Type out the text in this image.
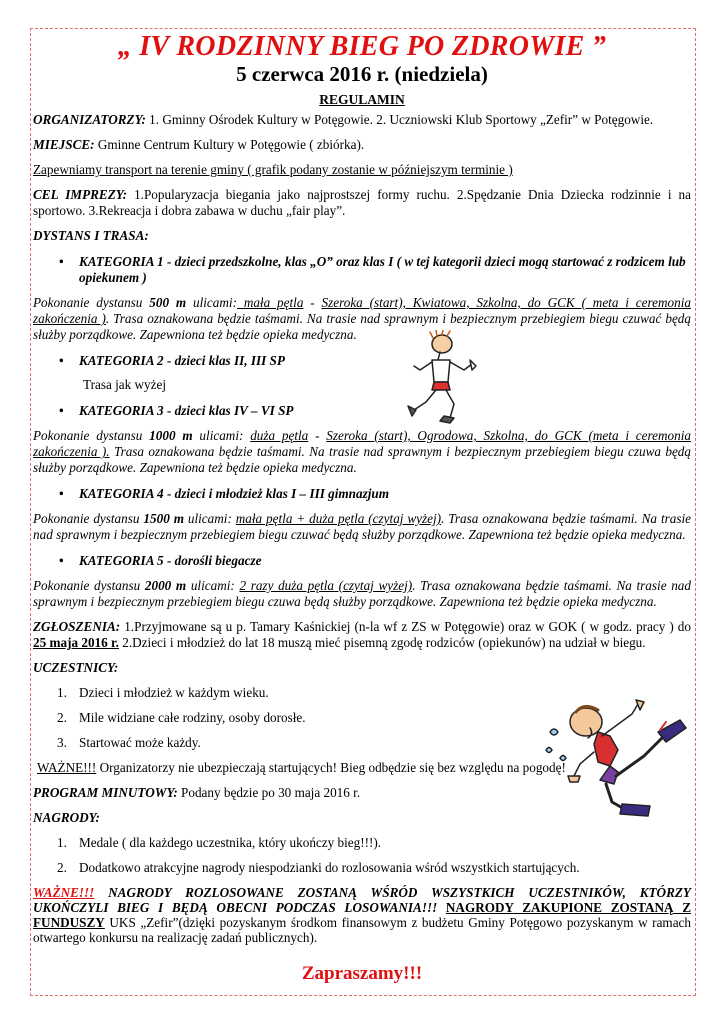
„ IV RODZINNY BIEG PO ZDROWIE ”
5 czerwca 2016 r. (niedziela)
REGULAMIN

ORGANIZATORZY: 1. Gminny Ośrodek Kultury w Potęgowie. 2. Uczniowski Klub Sportowy „Zefir” w Potęgowie.

MIEJSCE: Gminne Centrum Kultury w Potęgowie ( zbiórka).

Zapewniamy transport na terenie gminy ( grafik podany zostanie w późniejszym terminie )

CEL IMPREZY: 1.Popularyzacja biegania jako najprostszej formy ruchu. 2.Spędzanie Dnia Dziecka rodzinnie i na sportowo. 3.Rekreacja i dobra zabawa w duchu „fair play”.

DYSTANS I TRASA:

• KATEGORIA 1 - dzieci przedszkolne, klas „O” oraz klas I ( w tej kategorii dzieci mogą startować z rodzicem lub opiekunem )

Pokonanie dystansu 500 m ulicami: mała pętla - Szeroka (start), Kwiatowa, Szkolna, do GCK ( meta i ceremonia zakończenia ). Trasa oznakowana będzie taśmami. Na trasie nad sprawnym i bezpiecznym przebiegiem biegu czuwać będą służby porządkowe. Zapewniona też będzie opieka medyczna.

• KATEGORIA 2 - dzieci klas II, III SP

Trasa jak wyżej

• KATEGORIA 3 - dzieci klas IV – VI SP

Pokonanie dystansu 1000 m ulicami: duża pętla - Szeroka (start), Ogrodowa, Szkolna, do GCK (meta i ceremonia zakończenia ). Trasa oznakowana będzie taśmami. Na trasie nad sprawnym i bezpiecznym przebiegiem biegu czuwa będą służby porządkowe. Zapewniona też będzie opieka medyczna.

• KATEGORIA 4 - dzieci i młodzież klas I – III gimnazjum

Pokonanie dystansu 1500 m ulicami: mała pętla + duża pętla (czytaj wyżej). Trasa oznakowana będzie taśmami. Na trasie nad sprawnym i bezpiecznym przebiegiem biegu czuwać będą służby porządkowe. Zapewniona też będzie opieka medyczna.

• KATEGORIA 5 - dorośli biegacze

Pokonanie dystansu 2000 m ulicami: 2 razy duża pętla (czytaj wyżej). Trasa oznakowana będzie taśmami. Na trasie nad sprawnym i bezpiecznym przebiegiem biegu czuwa będą służby porządkowe. Zapewniona też będzie opieka medyczna.

ZGŁOSZENIA: 1.Przyjmowane są u p. Tamary Kaśnickiej (n-la wf z ZS w Potęgowie) oraz w GOK ( w godz. pracy ) do 25 maja 2016 r. 2.Dzieci i młodzież do lat 18 muszą mieć pisemną zgodę rodziców (opiekunów) na udział w biegu.

UCZESTNICY:

1. Dzieci i młodzież w każdym wieku.
2. Mile widziane całe rodziny, osoby dorosłe.
3. Startować może każdy.

WAŻNE!!! Organizatorzy nie ubezpieczają startujących! Bieg odbędzie się bez względu na pogodę!

PROGRAM MINUTOWY: Podany będzie po 30 maja 2016 r.

NAGRODY:

1. Medale ( dla każdego uczestnika, który ukończy bieg!!!).
2. Dodatkowo atrakcyjne nagrody niespodzianki do rozlosowania wśród wszystkich startujących.

WAŻNE!!! NAGRODY ROZLOSOWANE ZOSTANĄ WŚRÓD WSZYSTKICH UCZESTNIKÓW, KTÓRZY UKOŃCZYLI BIEG I BĘDĄ OBECNI PODCZAS LOSOWANIA!!! NAGRODY ZAKUPIONE ZOSTANĄ Z FUNDUSZY UKS „Zefir”(dzięki pozyskanym środkom finansowym z budżetu Gminy Potęgowo pozyskanym w ramach otwartego konkursu na realizację zadań publicznych).

Zapraszamy!!!
